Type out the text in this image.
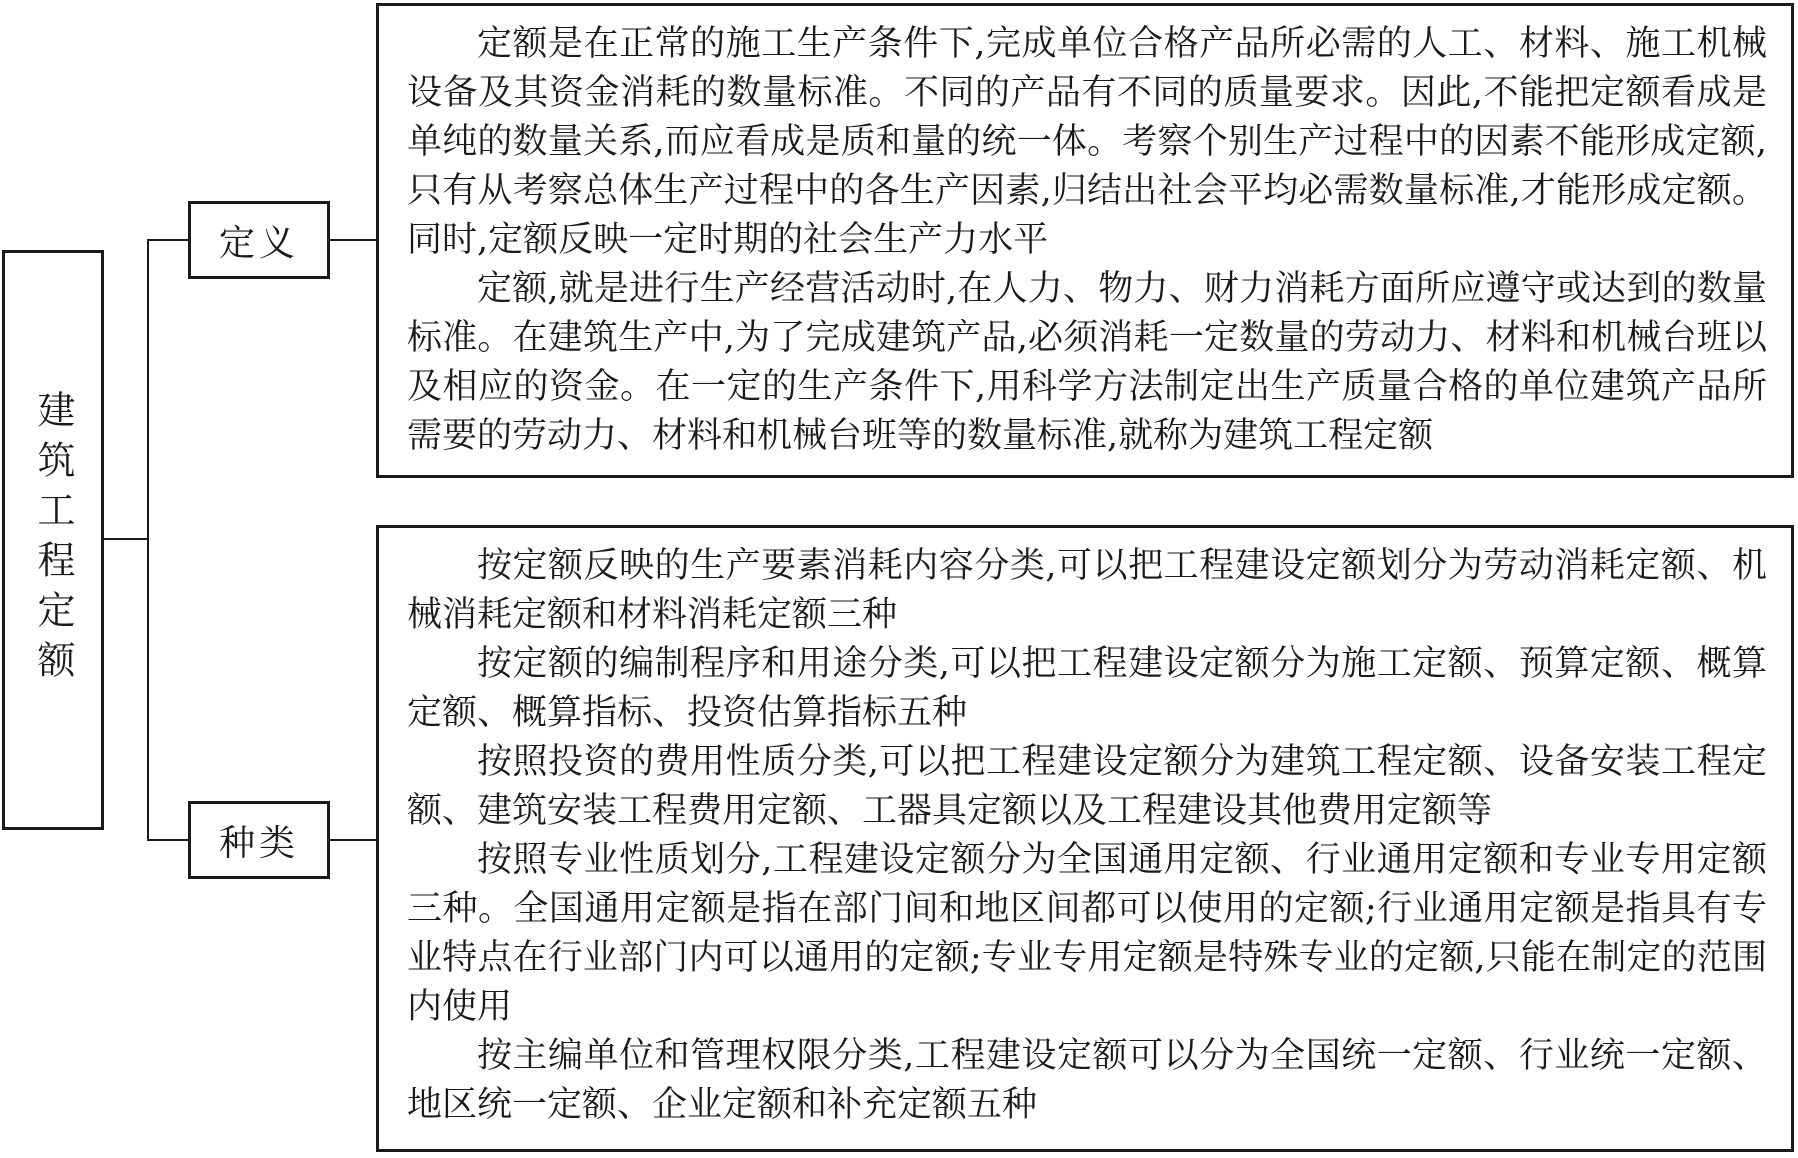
建筑工程定额
定义
种类

定额是在正常的施工生产条件下,完成单位合格产品所必需的人工、材料、施工机械设备及其资金消耗的数量标准。不同的产品有不同的质量要求。因此,不能把定额看成是单纯的数量关系,而应看成是质和量的统一体。考察个别生产过程中的因素不能形成定额,只有从考察总体生产过程中的各生产因素,归结出社会平均必需数量标准,才能形成定额。同时,定额反映一定时期的社会生产力水平

定额,就是进行生产经营活动时,在人力、物力、财力消耗方面所应遵守或达到的数量标准。在建筑生产中,为了完成建筑产品,必须消耗一定数量的劳动力、材料和机械台班以及相应的资金。在一定的生产条件下,用科学方法制定出生产质量合格的单位建筑产品所需要的劳动力、材料和机械台班等的数量标准,就称为建筑工程定额

按定额反映的生产要素消耗内容分类,可以把工程建设定额划分为劳动消耗定额、机械消耗定额和材料消耗定额三种

按定额的编制程序和用途分类,可以把工程建设定额分为施工定额、预算定额、概算定额、概算指标、投资估算指标五种

按照投资的费用性质分类,可以把工程建设定额分为建筑工程定额、设备安装工程定额、建筑安装工程费用定额、工器具定额以及工程建设其他费用定额等

按照专业性质划分,工程建设定额分为全国通用定额、行业通用定额和专业专用定额三种。全国通用定额是指在部门间和地区间都可以使用的定额;行业通用定额是指具有专业特点在行业部门内可以通用的定额;专业专用定额是特殊专业的定额,只能在制定的范围内使用

按主编单位和管理权限分类,工程建设定额可以分为全国统一定额、行业统一定额、地区统一定额、企业定额和补充定额五种
